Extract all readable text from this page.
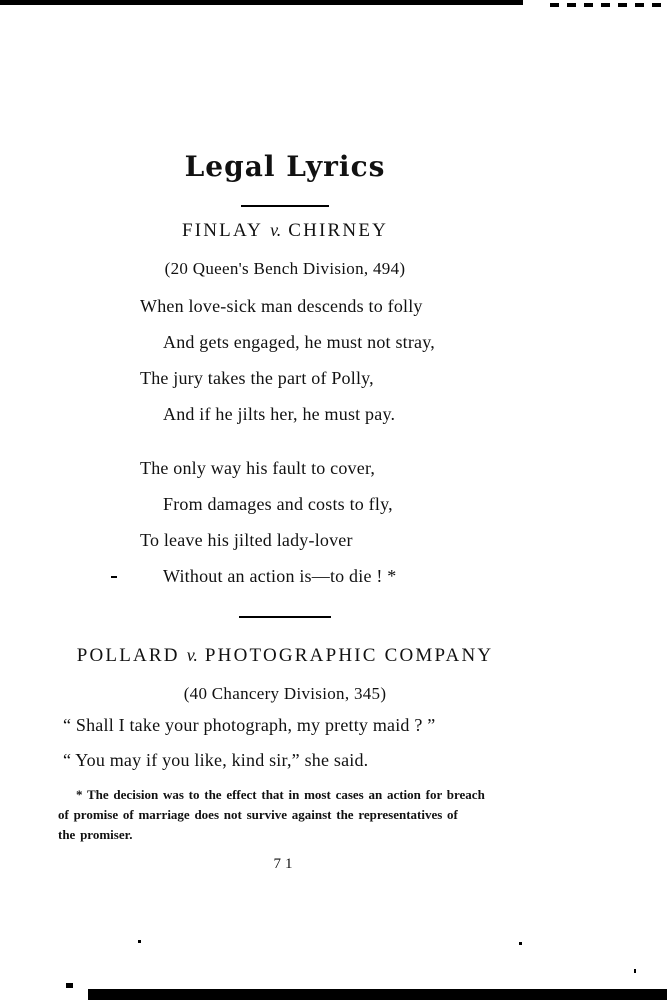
Legal Lyrics
FINLAY v. CHIRNEY

(20 Queen's Bench Division, 494)

When love-sick man descends to folly
And gets engaged, he must not stray,
The jury takes the part of Polly,
And if he jilts her, he must pay.
The only way his fault to cover,
From damages and costs to fly,
To leave his jilted lady-lover
Without an action is—to die ! *
POLLARD v. PHOTOGRAPHIC COMPANY

(40 Chancery Division, 345)

“ Shall I take your photograph, my pretty maid ? ”
“ You may if you like, kind sir,” she said.
* The decision was to the effect that in most cases an action for breach
of promise of marriage does not survive against the representatives of
the promiser.
71
